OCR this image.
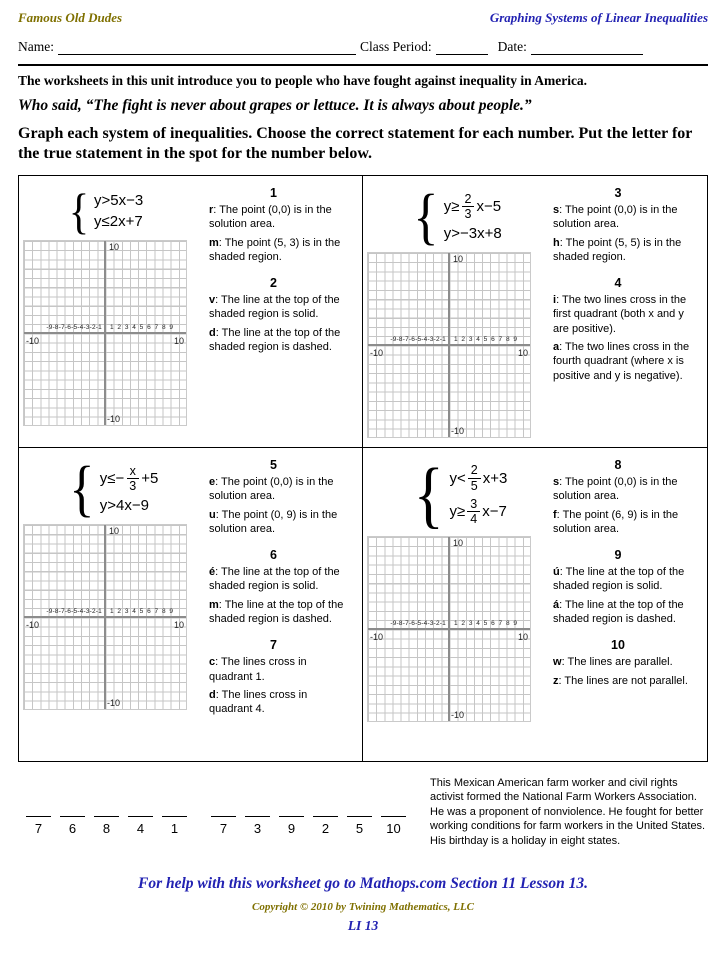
Famous Old Dudes	Graphing Systems of Linear Inequalities
Name:	Class Period:	Date:

The worksheets in this unit introduce you to people who have fought against inequality in America.

Who said, “The fight is never about grapes or lettuce. It is always about people.”

Graph each system of inequalities. Choose the correct statement for each number. Put the letter for the true statement in the spot for the number below.

{ y>5x−3
y≤2x+7
10
-10
-10	10
-9-8-7-6-5-4-3-2-1 1 2 3 4 5 6 7 8 9
1

r: The point (0,0) is in the solution area.

m: The point (5, 3) is in the shaded region.

2

v: The line at the top of the shaded region is solid.

d: The line at the top of the shaded region is dashed.

{ $y\ge \frac{2}{3} x-5$
y>−3x+8
10
-10
-10	10
-9-8-7-6-5-4-3-2-1 1 2 3 4 5 6 7 8 9
3

s: The point (0,0) is in the solution area.

h: The point (5, 5) is in the shaded region.

4

i: The two lines cross in the first quadrant (both x and y are positive).

a: The two lines cross in the fourth quadrant (where x is positive and y is negative).

{ $y\le- \frac{x}{3} +5$
y>4x−9
10
-10
-10	10
-9-8-7-6-5-4-3-2-1 1 2 3 4 5 6 7 8 9
5

e: The point (0,0) is in the solution area.

u: The point (0, 9) is in the solution area.

6

é: The line at the top of the shaded region is solid.

m: The line at the top of the shaded region is dashed.

7

c: The lines cross in quadrant 1.

d: The lines cross in quadrant 4.

{ $y< \frac{2}{5} x+3$
$y\ge \frac{3}{4} x-7$
10
-10
-10	10
-9-8-7-6-5-4-3-2-1 1 2 3 4 5 6 7 8 9
8

s: The point (0,0) is in the solution area.

f: The point (6, 9) is in the solution area.

9

ú: The line at the top of the shaded region is solid.

á: The line at the top of the shaded region is dashed.

10

w: The lines are parallel.

z: The lines are not parallel.

7 6 8 4 1	7 3 9 2 5 10

This Mexican American farm worker and civil rights activist formed the National Farm Workers Association. He was a proponent of nonviolence. He fought for better working conditions for farm workers in the United States. His birthday is a holiday in eight states.

For help with this worksheet go to Mathops.com Section 11 Lesson 13.

Copyright © 2010 by Twining Mathematics, LLC

LI 13
